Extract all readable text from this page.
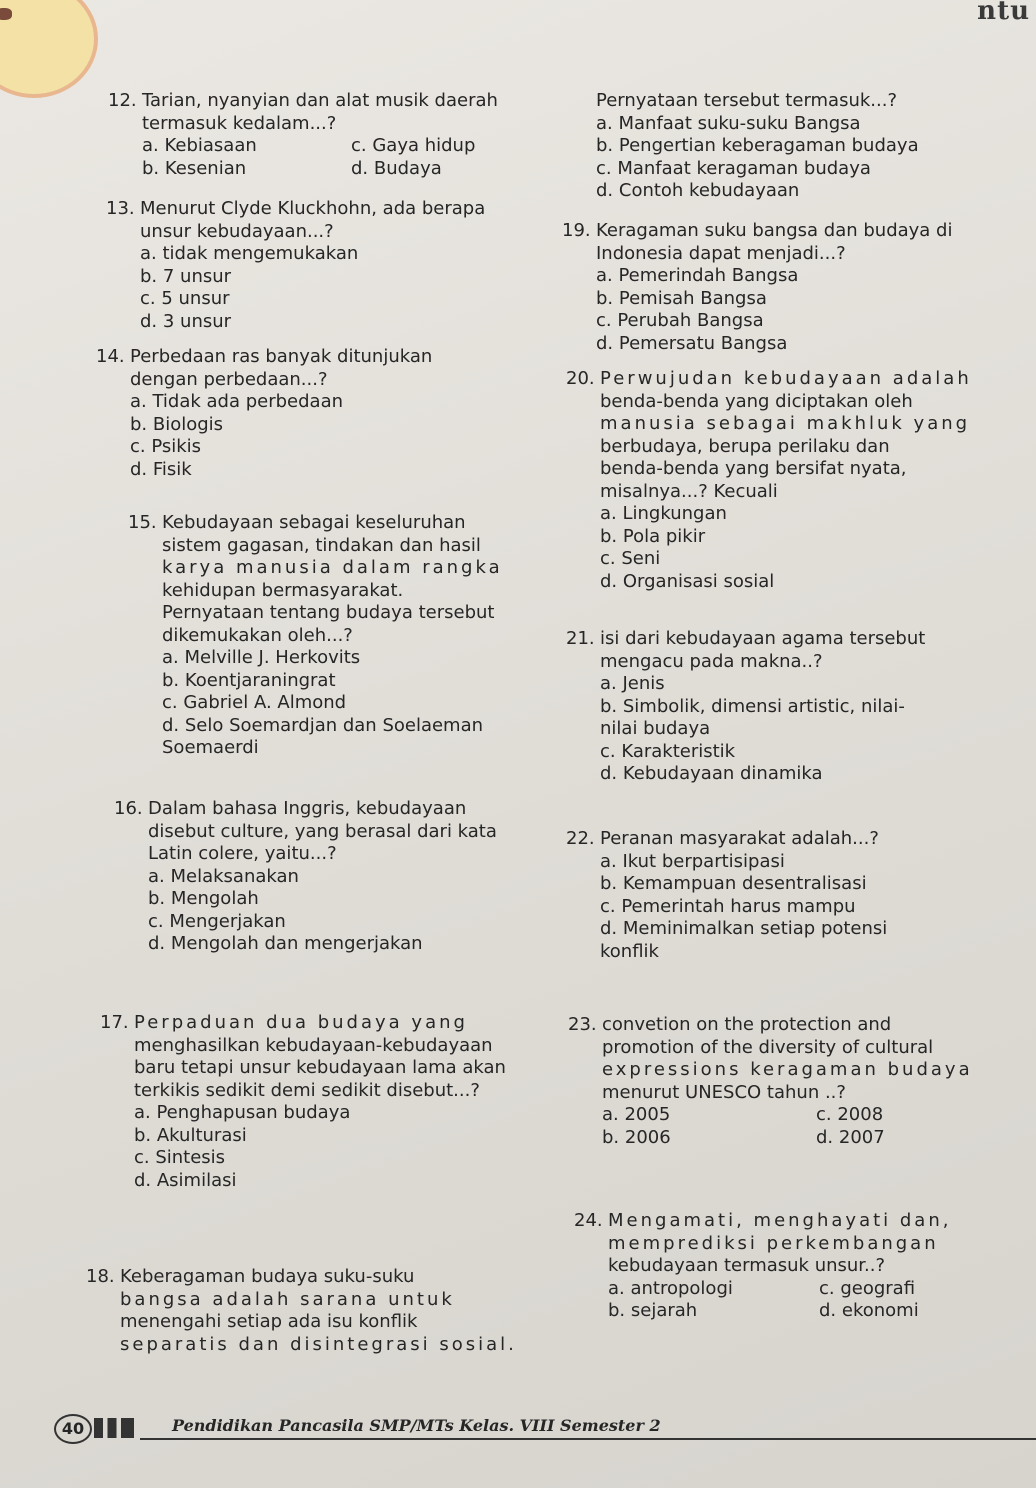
ntu

12. Tarian, nyanyian dan alat musik daerah

termasuk kedalam...?

a. Kebiasaan	c. Gaya hidup
b. Kesenian	d. Budaya

13. Menurut Clyde Kluckhohn, ada berapa

unsur kebudayaan...?

a. tidak mengemukakan
b. 7 unsur
c. 5 unsur
d. 3 unsur

14. Perbedaan ras banyak ditunjukan

dengan perbedaan...?

a. Tidak ada perbedaan
b. Biologis
c. Psikis
d. Fisik

15. Kebudayaan sebagai keseluruhan

sistem gagasan, tindakan dan hasil

karya manusia dalam rangka

kehidupan bermasyarakat.

Pernyataan tentang budaya tersebut

dikemukakan oleh...?

a. Melville J. Herkovits
b. Koentjaraningrat
c. Gabriel A. Almond
d. Selo Soemardjan dan Soelaeman
Soemaerdi

16. Dalam bahasa Inggris, kebudayaan

disebut culture, yang berasal dari kata

Latin colere, yaitu...?

a. Melaksanakan
b. Mengolah
c. Mengerjakan
d. Mengolah dan mengerjakan

17. Perpaduan dua budaya yang

menghasilkan kebudayaan-kebudayaan

baru tetapi unsur kebudayaan lama akan

terkikis sedikit demi sedikit disebut...?

a. Penghapusan budaya
b. Akulturasi
c. Sintesis
d. Asimilasi

18. Keberagaman budaya suku-suku

bangsa adalah sarana untuk

menengahi setiap ada isu konflik

separatis dan disintegrasi sosial.

Pernyataan tersebut termasuk...?

a. Manfaat suku-suku Bangsa
b. Pengertian keberagaman budaya
c. Manfaat keragaman budaya
d. Contoh kebudayaan

19. Keragaman suku bangsa dan budaya di

Indonesia dapat menjadi...?

a. Pemerindah Bangsa
b. Pemisah Bangsa
c. Perubah Bangsa
d. Pemersatu Bangsa

20. Perwujudan kebudayaan adalah

benda-benda yang diciptakan oleh

manusia sebagai makhluk yang

berbudaya, berupa perilaku dan

benda-benda yang bersifat nyata,

misalnya...? Kecuali

a. Lingkungan
b. Pola pikir
c. Seni
d. Organisasi sosial

21. isi dari kebudayaan agama tersebut

mengacu pada makna..?

a. Jenis
b. Simbolik, dimensi artistic, nilai-
nilai budaya
c. Karakteristik
d. Kebudayaan dinamika

22. Peranan masyarakat adalah...?

a. Ikut berpartisipasi
b. Kemampuan desentralisasi
c. Pemerintah harus mampu
d. Meminimalkan setiap potensi
konflik

23. convetion on the protection and

promotion of the diversity of cultural

expressions keragaman budaya

menurut UNESCO tahun ..?

a. 2005	c. 2008
b. 2006	d. 2007

24. Mengamati, menghayati dan,

memprediksi perkembangan

kebudayaan termasuk unsur..?

a. antropologi	c. geografi
b. sejarah	d. ekonomi
40	Pendidikan Pancasila SMP/MTs Kelas. VIII Semester 2
